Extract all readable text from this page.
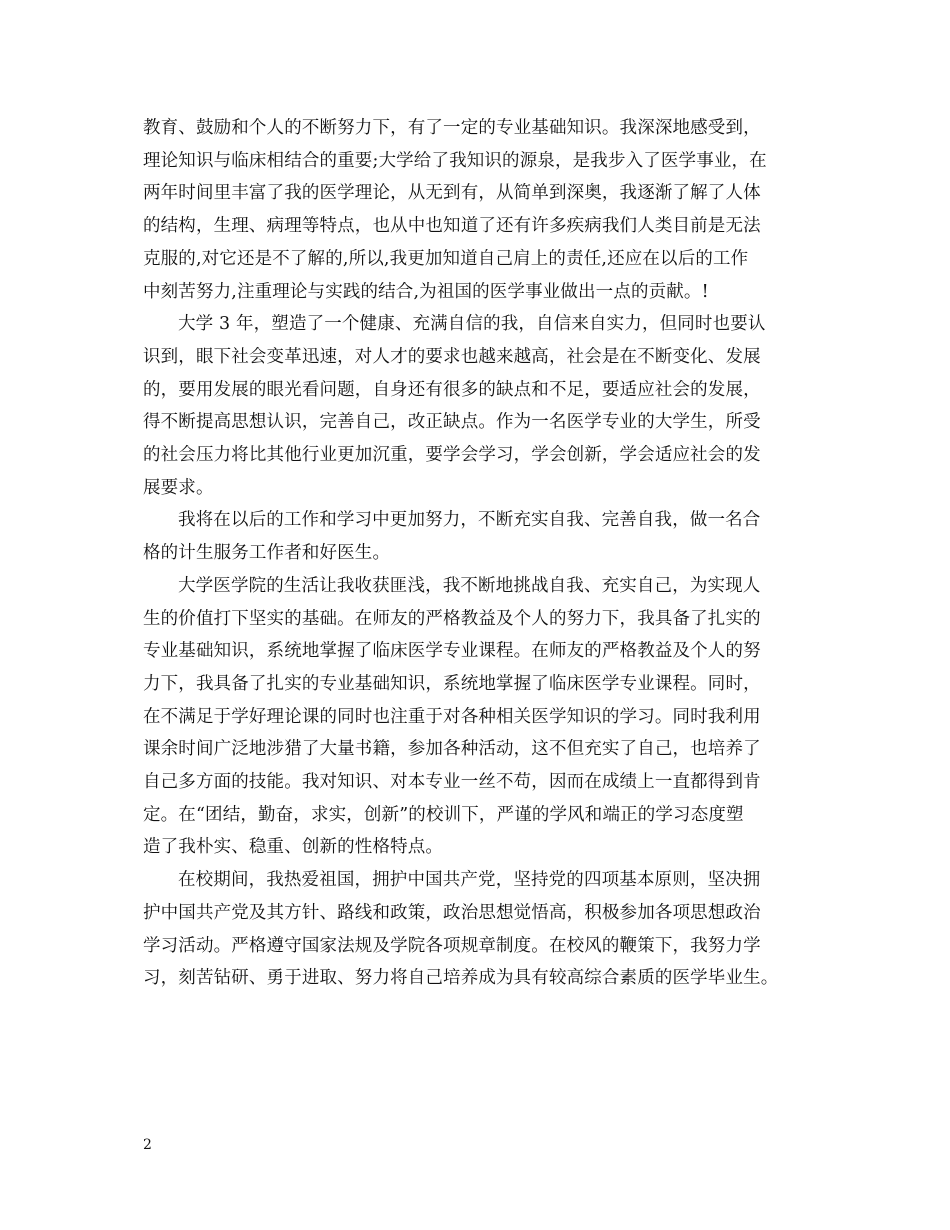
教育、鼓励和个人的不断努力下，有了一定的专业基础知识。我深深地感受到，
理论知识与临床相结合的重要;大学给了我知识的源泉，是我步入了医学事业，在
两年时间里丰富了我的医学理论，从无到有，从简单到深奥，我逐渐了解了人体
的结构，生理、病理等特点，也从中也知道了还有许多疾病我们人类目前是无法
克服的,对它还是不了解的,所以,我更加知道自己肩上的责任,还应在以后的工作
中刻苦努力,注重理论与实践的结合,为祖国的医学事业做出一点的贡献。!

大学 3 年，塑造了一个健康、充满自信的我，自信来自实力，但同时也要认
识到，眼下社会变革迅速，对人才的要求也越来越高，社会是在不断变化、发展
的，要用发展的眼光看问题，自身还有很多的缺点和不足，要适应社会的发展，
得不断提高思想认识，完善自己，改正缺点。作为一名医学专业的大学生，所受
的社会压力将比其他行业更加沉重，要学会学习，学会创新，学会适应社会的发
展要求。

我将在以后的工作和学习中更加努力，不断充实自我、完善自我，做一名合
格的计生服务工作者和好医生。

大学医学院的生活让我收获匪浅，我不断地挑战自我、充实自己，为实现人
生的价值打下坚实的基础。在师友的严格教益及个人的努力下，我具备了扎实的
专业基础知识，系统地掌握了临床医学专业课程。在师友的严格教益及个人的努
力下，我具备了扎实的专业基础知识，系统地掌握了临床医学专业课程。同时，
在不满足于学好理论课的同时也注重于对各种相关医学知识的学习。同时我利用
课余时间广泛地涉猎了大量书籍，参加各种活动，这不但充实了自己，也培养了
自己多方面的技能。我对知识、对本专业一丝不苟，因而在成绩上一直都得到肯
定。在“团结，勤奋，求实，创新”的校训下，严谨的学风和端正的学习态度塑
造了我朴实、稳重、创新的性格特点。

在校期间，我热爱祖国，拥护中国共产党，坚持党的四项基本原则，坚决拥
护中国共产党及其方针、路线和政策，政治思想觉悟高，积极参加各项思想政治
学习活动。严格遵守国家法规及学院各项规章制度。在校风的鞭策下，我努力学
习，刻苦钻研、勇于进取、努力将自己培养成为具有较高综合素质的医学毕业生。

2
